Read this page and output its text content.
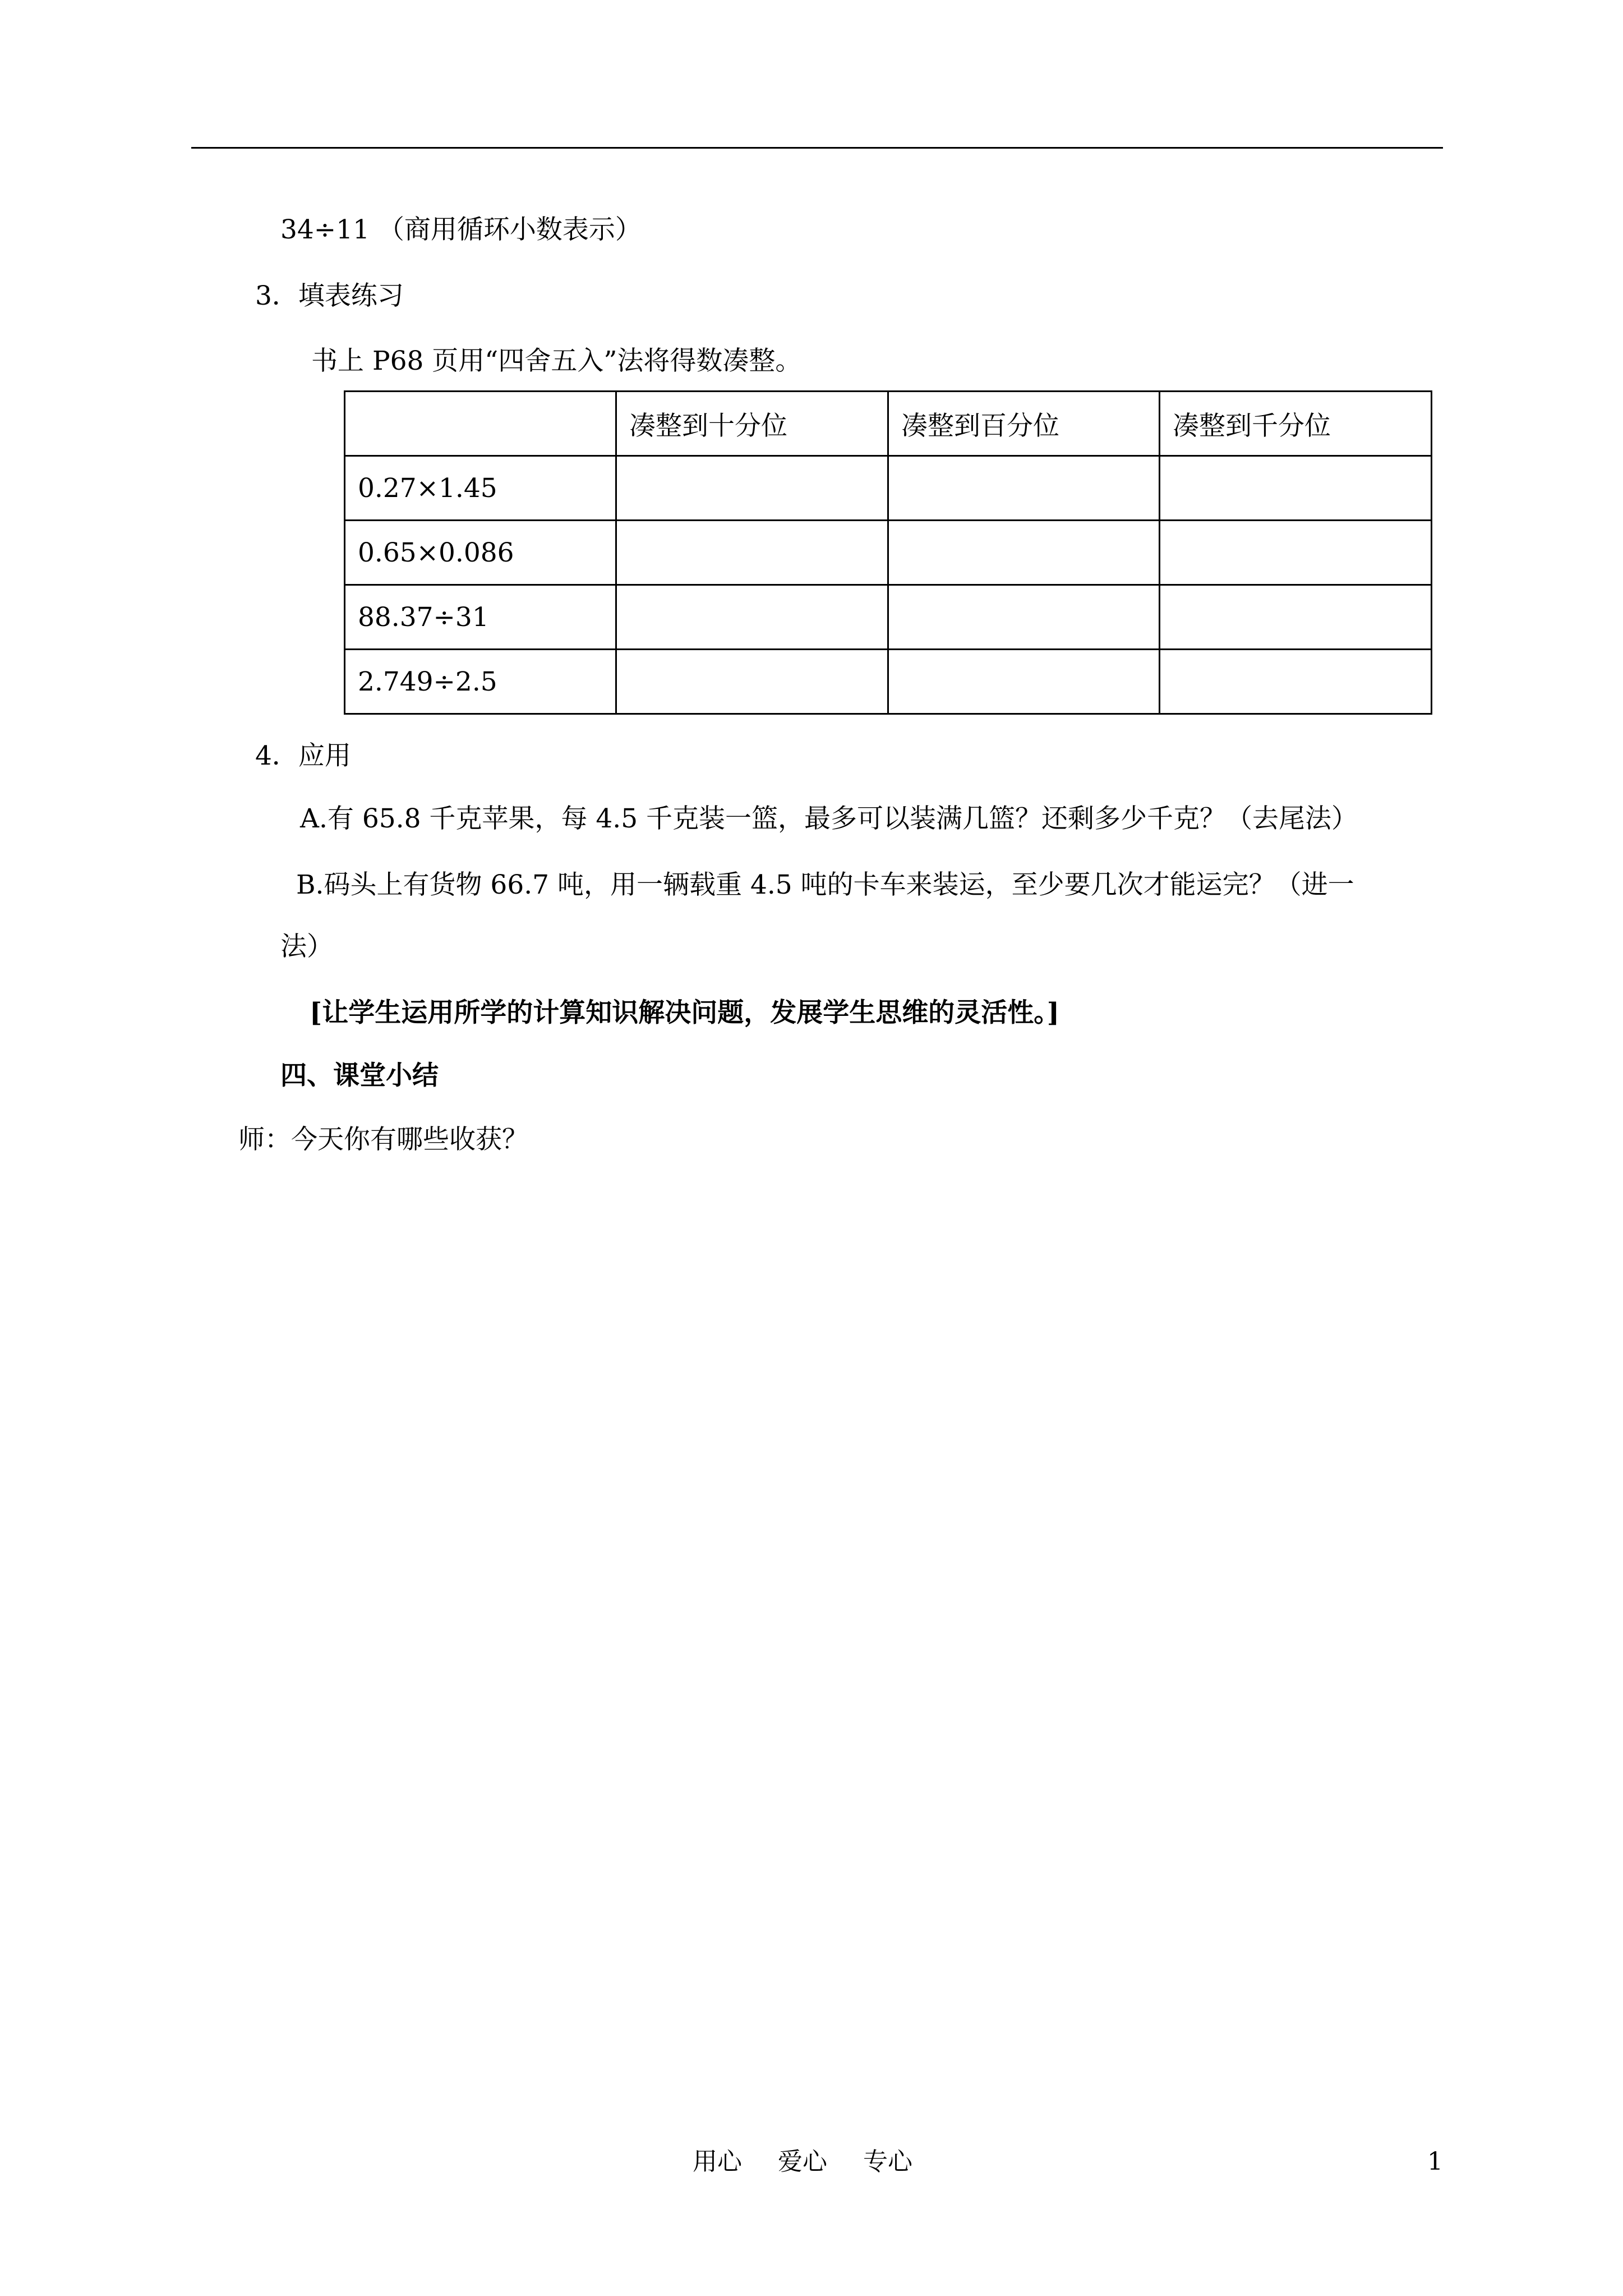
34÷11 （商用循环小数表示）
3．填表练习
书上 P68 页用“四舍五入”法将得数凑整。
	凑整到十分位	凑整到百分位	凑整到千分位
0.27×1.45			
0.65×0.086			
88.37÷31			
2.749÷2.5			
4．应用
A.有 65.8 千克苹果，每 4.5 千克装一篮，最多可以装满几篮？还剩多少千克？（去尾法）
B.码头上有货物 66.7 吨，用一辆载重 4.5 吨的卡车来装运，至少要几次才能运完？（进一
法）
[让学生运用所学的计算知识解决问题，发展学生思维的灵活性。]
四、课堂小结
师：今天你有哪些收获？
用心 爱心 专心	1
